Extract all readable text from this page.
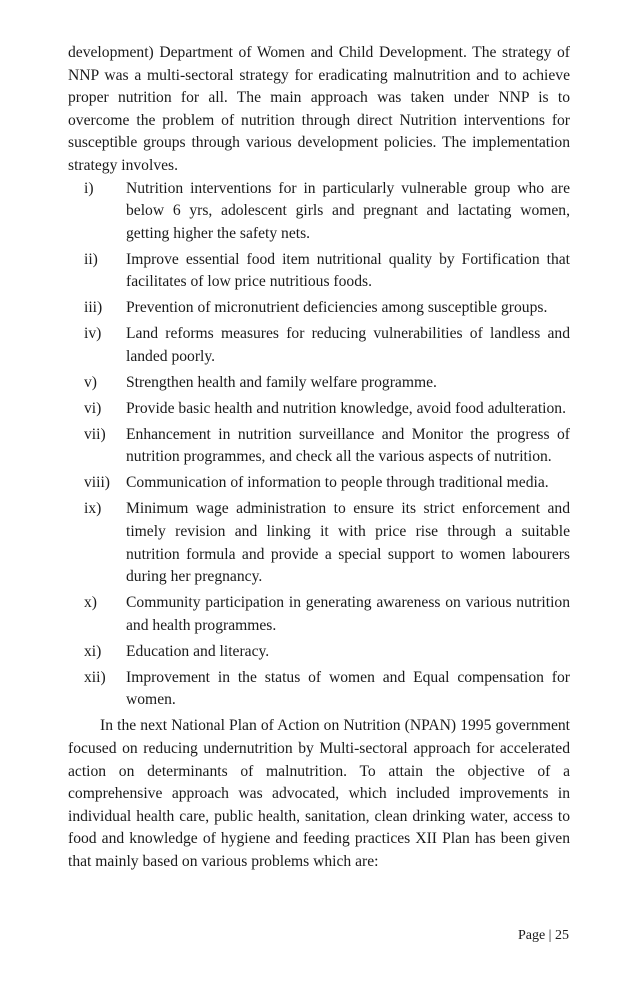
development) Department of Women and Child Development. The strategy of NNP was a multi-sectoral strategy for eradicating malnutrition and to achieve proper nutrition for all. The main approach was taken under NNP is to overcome the problem of nutrition through direct Nutrition interventions for susceptible groups through various development policies. The implementation strategy involves.

i) Nutrition interventions for in particularly vulnerable group who are below 6 yrs, adolescent girls and pregnant and lactating women, getting higher the safety nets.
ii) Improve essential food item nutritional quality by Fortification that facilitates of low price nutritious foods.
iii) Prevention of micronutrient deficiencies among susceptible groups.
iv) Land reforms measures for reducing vulnerabilities of landless and landed poorly.
v) Strengthen health and family welfare programme.
vi) Provide basic health and nutrition knowledge, avoid food adulteration.
vii) Enhancement in nutrition surveillance and Monitor the progress of nutrition programmes, and check all the various aspects of nutrition.
viii) Communication of information to people through traditional media.
ix) Minimum wage administration to ensure its strict enforcement and timely revision and linking it with price rise through a suitable nutrition formula and provide a special support to women labourers during her pregnancy.
x) Community participation in generating awareness on various nutrition and health programmes.
xi) Education and literacy.
xii) Improvement in the status of women and Equal compensation for women.

In the next National Plan of Action on Nutrition (NPAN) 1995 government focused on reducing undernutrition by Multi-sectoral approach for accelerated action on determinants of malnutrition. To attain the objective of a comprehensive approach was advocated, which included improvements in individual health care, public health, sanitation, clean drinking water, access to food and knowledge of hygiene and feeding practices XII Plan has been given that mainly based on various problems which are:

Page | 25
